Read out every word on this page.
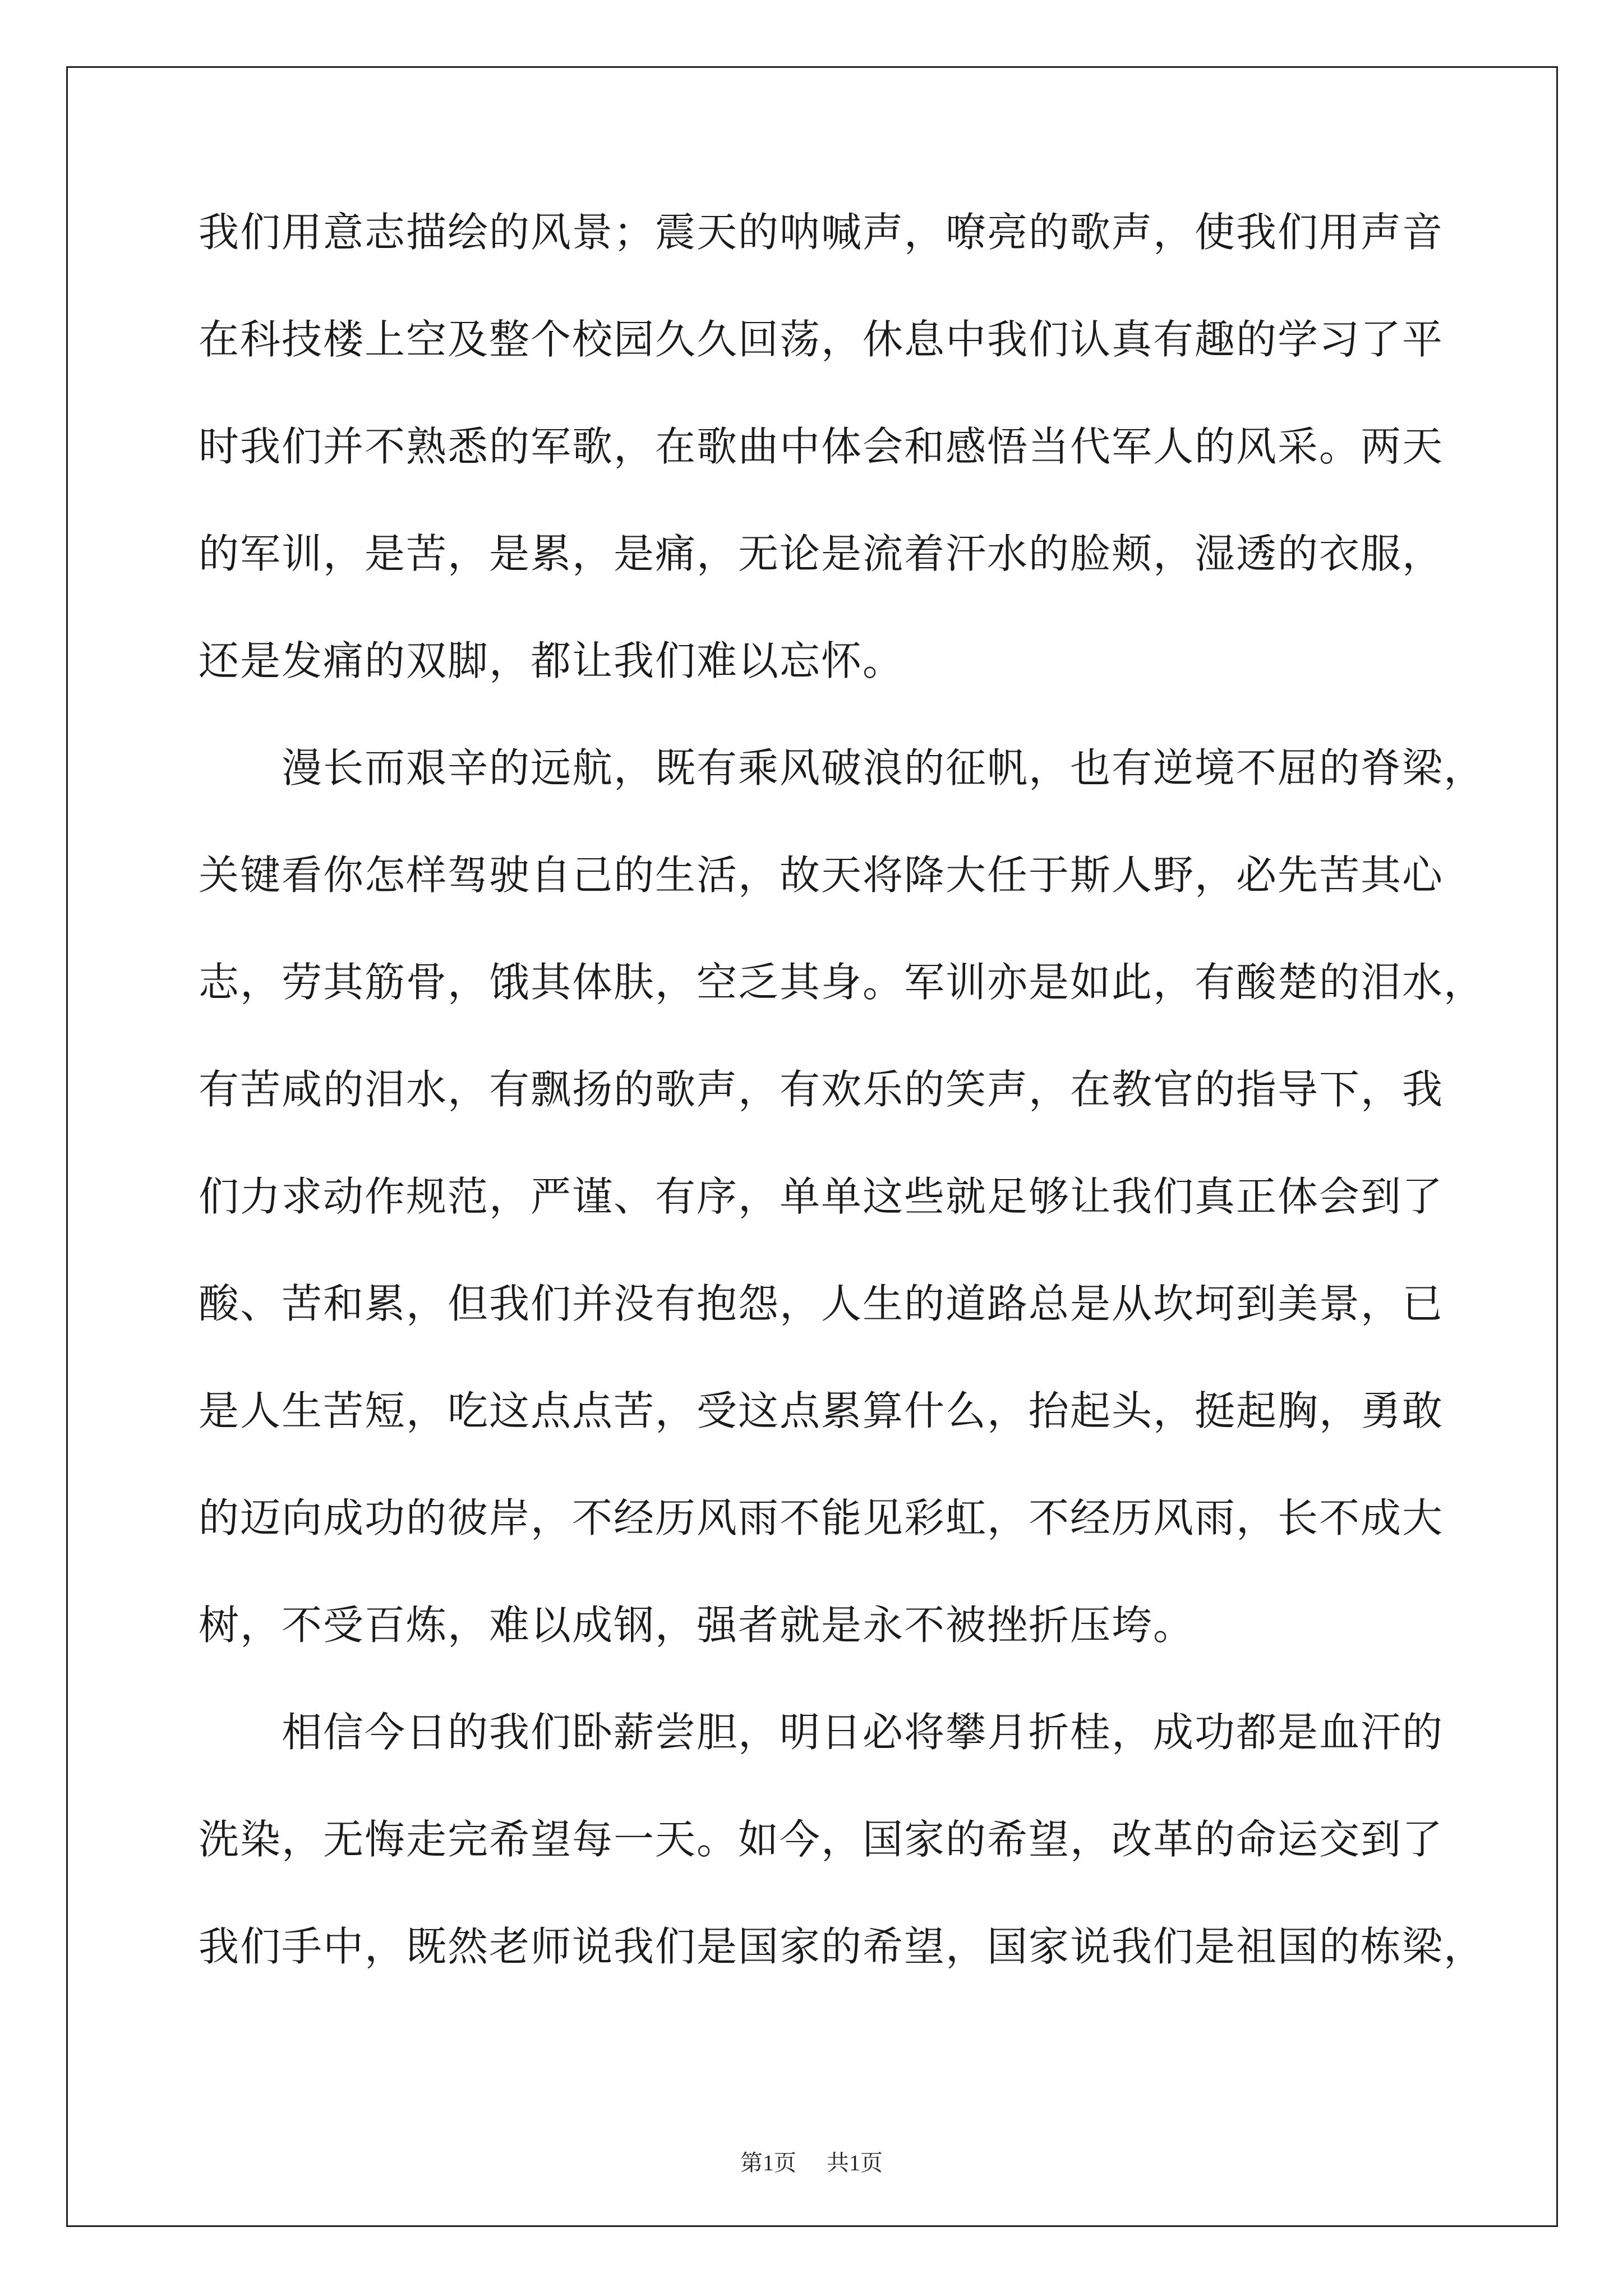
我们用意志描绘的风景；震天的呐喊声，嘹亮的歌声，使我们用声音
在科技楼上空及整个校园久久回荡，休息中我们认真有趣的学习了平
时我们并不熟悉的军歌，在歌曲中体会和感悟当代军人的风采。两天
的军训，是苦，是累，是痛，无论是流着汗水的脸颊，湿透的衣服，
还是发痛的双脚，都让我们难以忘怀。
漫长而艰辛的远航，既有乘风破浪的征帆，也有逆境不屈的脊梁，
关键看你怎样驾驶自己的生活，故天将降大任于斯人野，必先苦其心
志，劳其筋骨，饿其体肤，空乏其身。军训亦是如此，有酸楚的泪水，
有苦咸的泪水，有飘扬的歌声，有欢乐的笑声，在教官的指导下，我
们力求动作规范，严谨、有序，单单这些就足够让我们真正体会到了
酸、苦和累，但我们并没有抱怨，人生的道路总是从坎坷到美景，已
是人生苦短，吃这点点苦，受这点累算什么，抬起头，挺起胸，勇敢
的迈向成功的彼岸，不经历风雨不能见彩虹，不经历风雨，长不成大
树，不受百炼，难以成钢，强者就是永不被挫折压垮。
相信今日的我们卧薪尝胆，明日必将攀月折桂，成功都是血汗的
洗染，无悔走完希望每一天。如今，国家的希望，改革的命运交到了
我们手中，既然老师说我们是国家的希望，国家说我们是祖国的栋梁，
第1页 共1页
